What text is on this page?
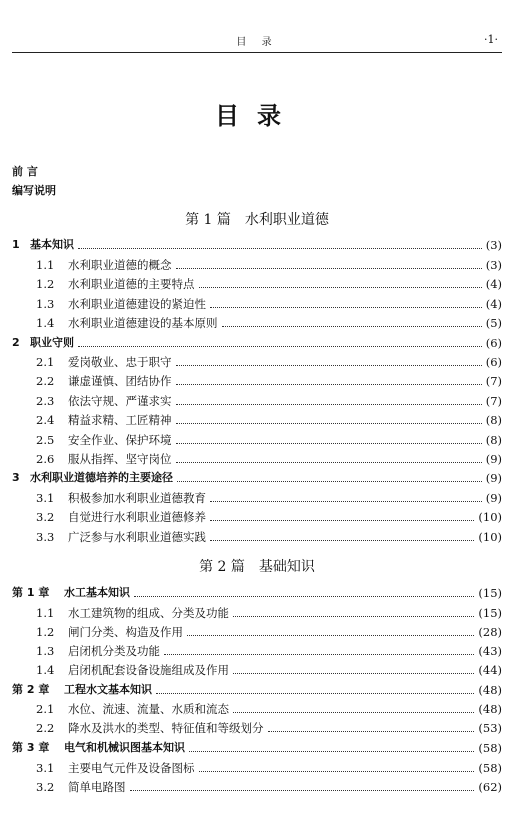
目 录	·1·
目录
前 言
编写说明
第 1 篇 水利职业道德
1 基本知识	(3)
1.1	水利职业道德的概念	(3)
1.2	水利职业道德的主要特点	(4)
1.3	水利职业道德建设的紧迫性	(4)
1.4	水利职业道德建设的基本原则	(5)
2 职业守则	(6)
2.1	爱岗敬业、忠于职守	(6)
2.2	谦虚谨慎、团结协作	(7)
2.3	依法守规、严谨求实	(7)
2.4	精益求精、工匠精神	(8)
2.5	安全作业、保护环境	(8)
2.6	服从指挥、坚守岗位	(9)
3 水利职业道德培养的主要途径	(9)
3.1	积极参加水利职业道德教育	(9)
3.2	自觉进行水利职业道德修养	(10)
3.3	广泛参与水利职业道德实践	(10)
第 2 篇 基础知识
第 1 章	水工基本知识	(15)
1.1	水工建筑物的组成、分类及功能	(15)
1.2	闸门分类、构造及作用	(28)
1.3	启闭机分类及功能	(43)
1.4	启闭机配套设备设施组成及作用	(44)
第 2 章	工程水文基本知识	(48)
2.1	水位、流速、流量、水质和流态	(48)
2.2	降水及洪水的类型、特征值和等级划分	(53)
第 3 章	电气和机械识图基本知识	(58)
3.1	主要电气元件及设备图标	(58)
3.2	简单电路图	(62)
